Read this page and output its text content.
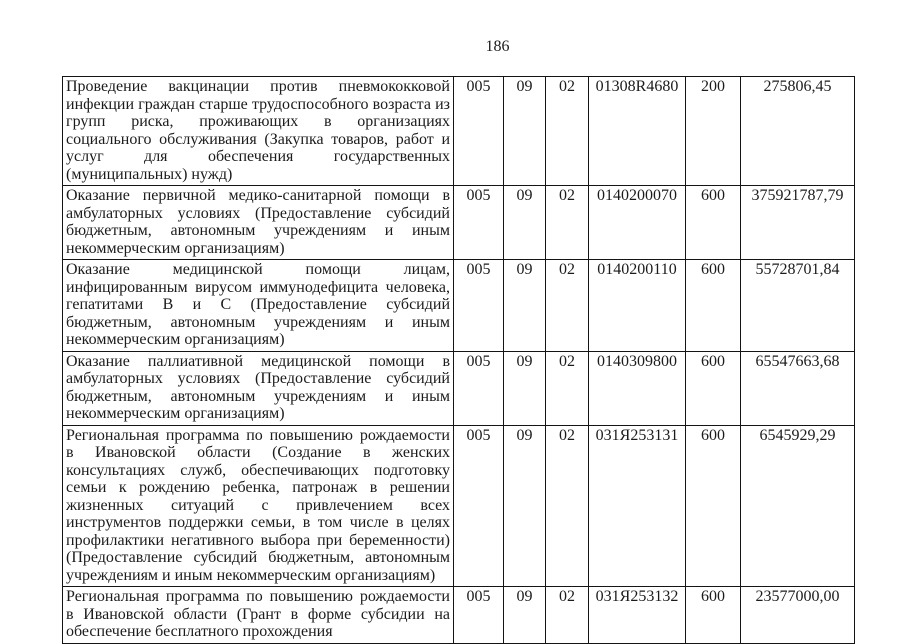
186
Проведение вакцинации против пневмококковой инфекции граждан старше трудоспособного возраста из групп риска, проживающих в организациях социального обслуживания (Закупка товаров, работ и услуг для обеспечения государственных (муниципальных) нужд)	005	09	02	01308R4680	200	275806,45
Оказание первичной медико-санитарной помощи в амбулаторных условиях (Предоставление субсидий бюджетным, автономным учреждениям и иным некоммерческим организациям)	005	09	02	0140200070	600	375921787,79
Оказание медицинской помощи лицам, инфицированным вирусом иммунодефицита человека, гепатитами В и С (Предоставление субсидий бюджетным, автономным учреждениям и иным некоммерческим организациям)	005	09	02	0140200110	600	55728701,84
Оказание паллиативной медицинской помощи в амбулаторных условиях (Предоставление субсидий бюджетным, автономным учреждениям и иным некоммерческим организациям)	005	09	02	0140309800	600	65547663,68
Региональная программа по повышению рождаемости в Ивановской области (Создание в женских консультациях служб, обеспечивающих подготовку семьи к рождению ребенка, патронаж в решении жизненных ситуаций с привлечением всех инструментов поддержки семьи, в том числе в целях профилактики негативного выбора при беременности) (Предоставление субсидий бюджетным, автономным учреждениям и иным некоммерческим организациям)	005	09	02	031Я253131	600	6545929,29
Региональная программа по повышению рождаемости в Ивановской области (Грант в форме субсидии на обеспечение бесплатного прохождения	005	09	02	031Я253132	600	23577000,00
